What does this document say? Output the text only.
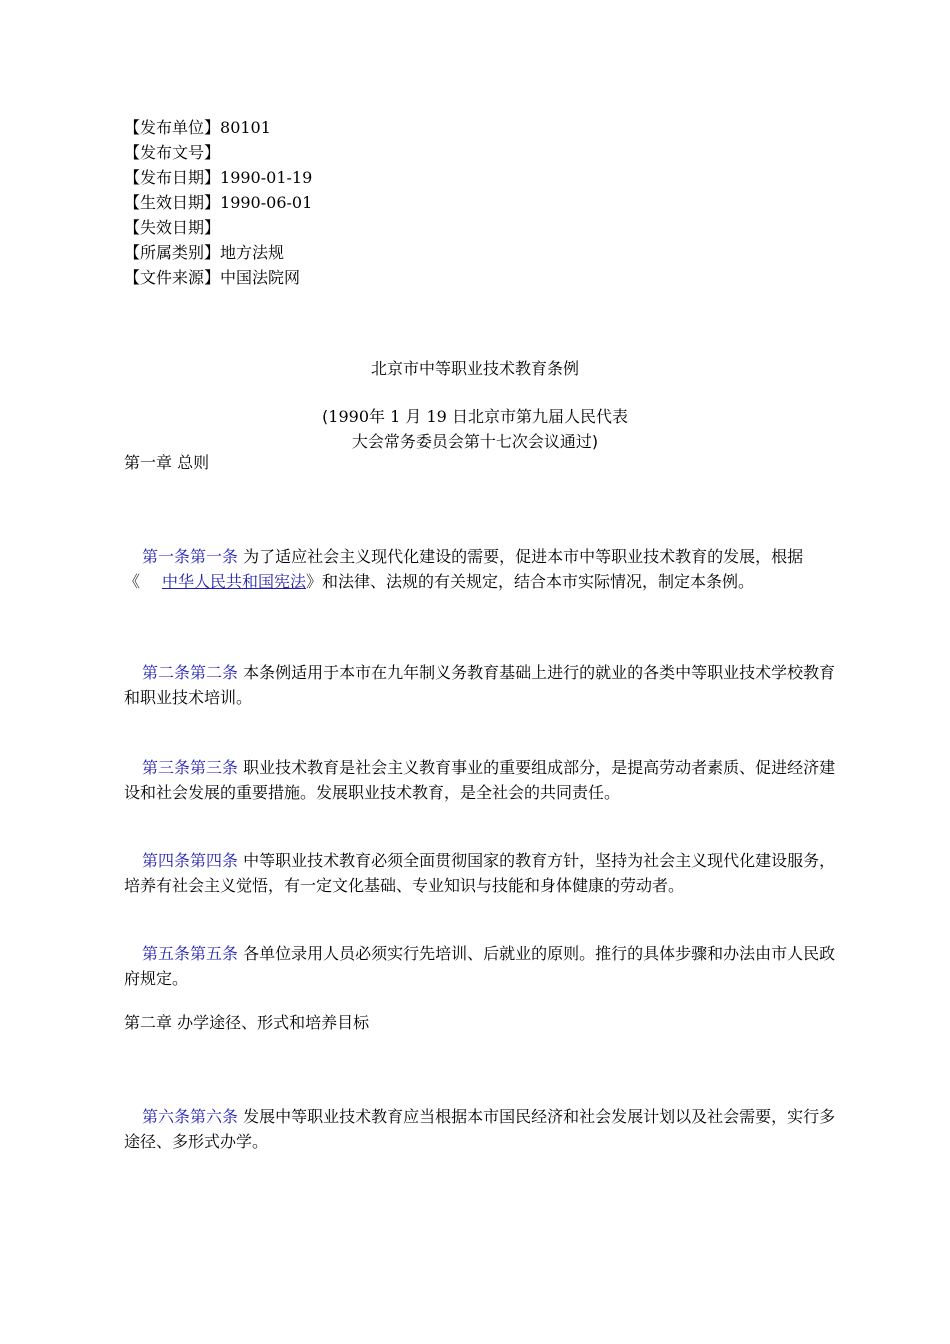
【发布单位】80101
【发布文号】
【发布日期】1990-01-19
【生效日期】1990-06-01
【失效日期】
【所属类别】地方法规
【文件来源】中国法院网
北京市中等职业技术教育条例
(1990年 1 月 19 日北京市第九届人民代表
大会常务委员会第十七次会议通过)
第一章 总则
第一条第一条 为了适应社会主义现代化建设的需要，促进本市中等职业技术教育的发展，根据《 中华人民共和国宪法》和法律、法规的有关规定，结合本市实际情况，制定本条例。
第二条第二条 本条例适用于本市在九年制义务教育基础上进行的就业的各类中等职业技术学校教育和职业技术培训。
第三条第三条 职业技术教育是社会主义教育事业的重要组成部分，是提高劳动者素质、促进经济建设和社会发展的重要措施。发展职业技术教育，是全社会的共同责任。
第四条第四条 中等职业技术教育必须全面贯彻国家的教育方针，坚持为社会主义现代化建设服务，培养有社会主义觉悟，有一定文化基础、专业知识与技能和身体健康的劳动者。
第五条第五条 各单位录用人员必须实行先培训、后就业的原则。推行的具体步骤和办法由市人民政府规定。
第二章 办学途径、形式和培养目标
第六条第六条 发展中等职业技术教育应当根据本市国民经济和社会发展计划以及社会需要，实行多途径、多形式办学。
